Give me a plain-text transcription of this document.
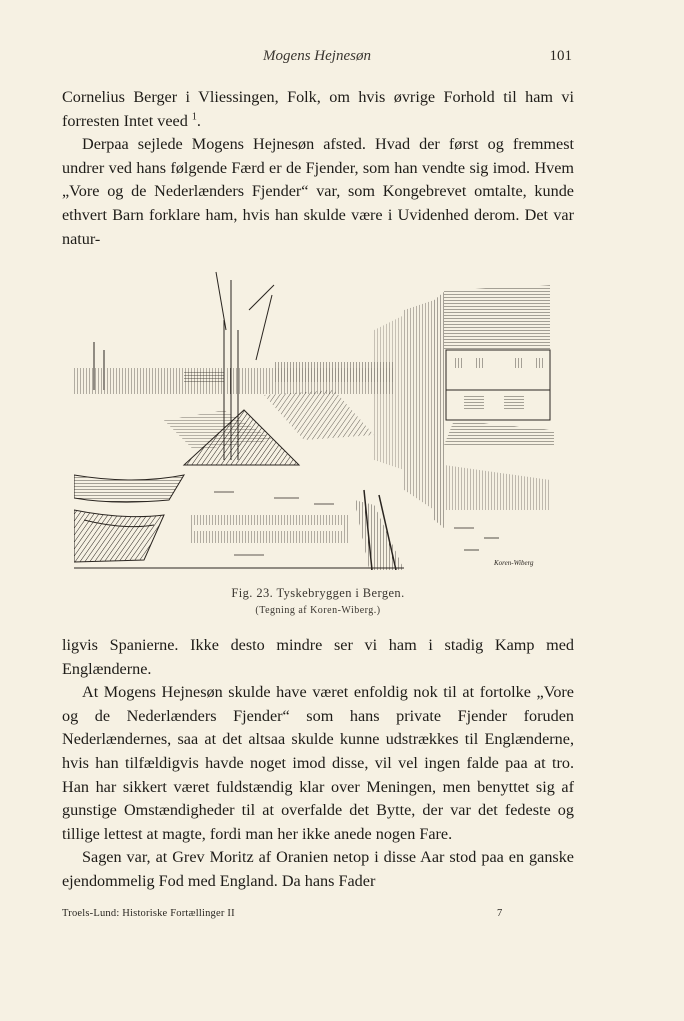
Mogens Hejnesøn	101

Cornelius Berger i Vliessingen, Folk, om hvis øvrige Forhold til ham vi forresten Intet veed $^1$.

Derpaa sejlede Mogens Hejnesøn afsted. Hvad der først og fremmest undrer ved hans følgende Færd er de Fjender, som han vendte sig imod. Hvem „Vore og de Nederlænders Fjender“ var, som Kongebrevet omtalte, kunde ethvert Barn forklare ham, hvis han skulde være i Uvidenhed derom. Det var natur-

Koren-Wiberg
Fig. 23. Tyskebryggen i Bergen.
(Tegning af Koren-Wiberg.)

ligvis Spanierne. Ikke desto mindre ser vi ham i stadig Kamp med Englænderne.

At Mogens Hejnesøn skulde have været enfoldig nok til at fortolke „Vore og de Nederlænders Fjender“ som hans private Fjender foruden Nederlændernes, saa at det altsaa skulde kunne udstrækkes til Englænderne, hvis han tilfældigvis havde noget imod disse, vil vel ingen falde paa at tro. Han har sikkert været fuldstændig klar over Meningen, men benyttet sig af gunstige Omstændigheder til at overfalde det Bytte, der var det fedeste og tillige lettest at magte, fordi man her ikke anede nogen Fare.

Sagen var, at Grev Moritz af Oranien netop i disse Aar stod paa en ganske ejendommelig Fod med England. Da hans Fader

Troels-Lund: Historiske Fortællinger II	7
